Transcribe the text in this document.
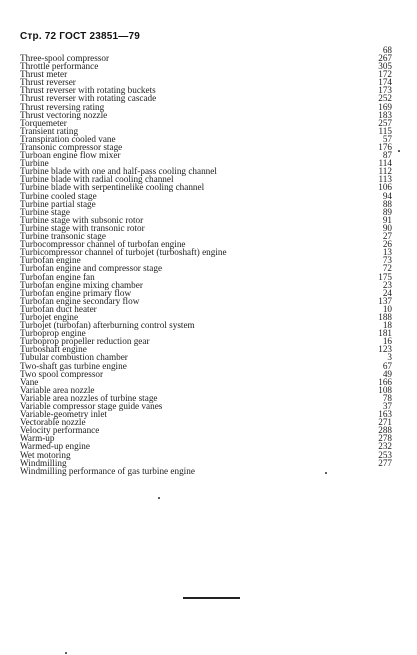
Стр. 72 ГОСТ 23851—79
68
Three-spool compressor	267
Throttle performance	305
Thrust meter	172
Thrust reverser	174
Thrust reverser with rotating buckets	173
Thrust reverser with rotating cascade	252
Thrust reversing rating	169
Thrust vectoring nozzle	183
Torquemeter	257
Transient rating	115
Transpiration cooled vane	57
Transonic compressor stage	176
Turboan engine flow mixer	87
Turbine	114
Turbine blade with one and half-pass cooling channel	112
Turbine blade with radial cooling channel	113
Turbine blade with serpentinelike cooling channel	106
Turbine cooled stage	94
Turbine partial stage	88
Turbine stage	89
Turbine stage with subsonic rotor	91
Turbine stage with transonic rotor	90
Turbine transonic stage	27
Turbocompressor channel of turbofan engine	26
Turbicompressor channel of turbojet (turboshaft) engine	13
Turbofan engine	73
Turbofan engine and compressor stage	72
Turbofan engine fan	175
Turbofan engine mixing chamber	23
Turbofan engine primary flow	24
Turbofan engine secondary flow	137
Turbofan duct heater	10
Turbojet engine	188
Turbojet (turbofan) afterburning control system	18
Turboprop engine	181
Turboprop propeller reduction gear	16
Turboshaft engine	123
Tubular combustion chamber	3
Two-shaft gas turbine engine	67
Two spool compressor	49
Vane	166
Variable area nozzle	108
Variable area nozzles of turbine stage	78
Variable compressor stage guide vanes	37
Variable-geometry inlet	163
Vectorable nozzle	271
Velocity performance	288
Warm-up	278
Warmed-up engine	232
Wet motoring	253
Windmilling	277
Windmilling performance of gas turbine engine
